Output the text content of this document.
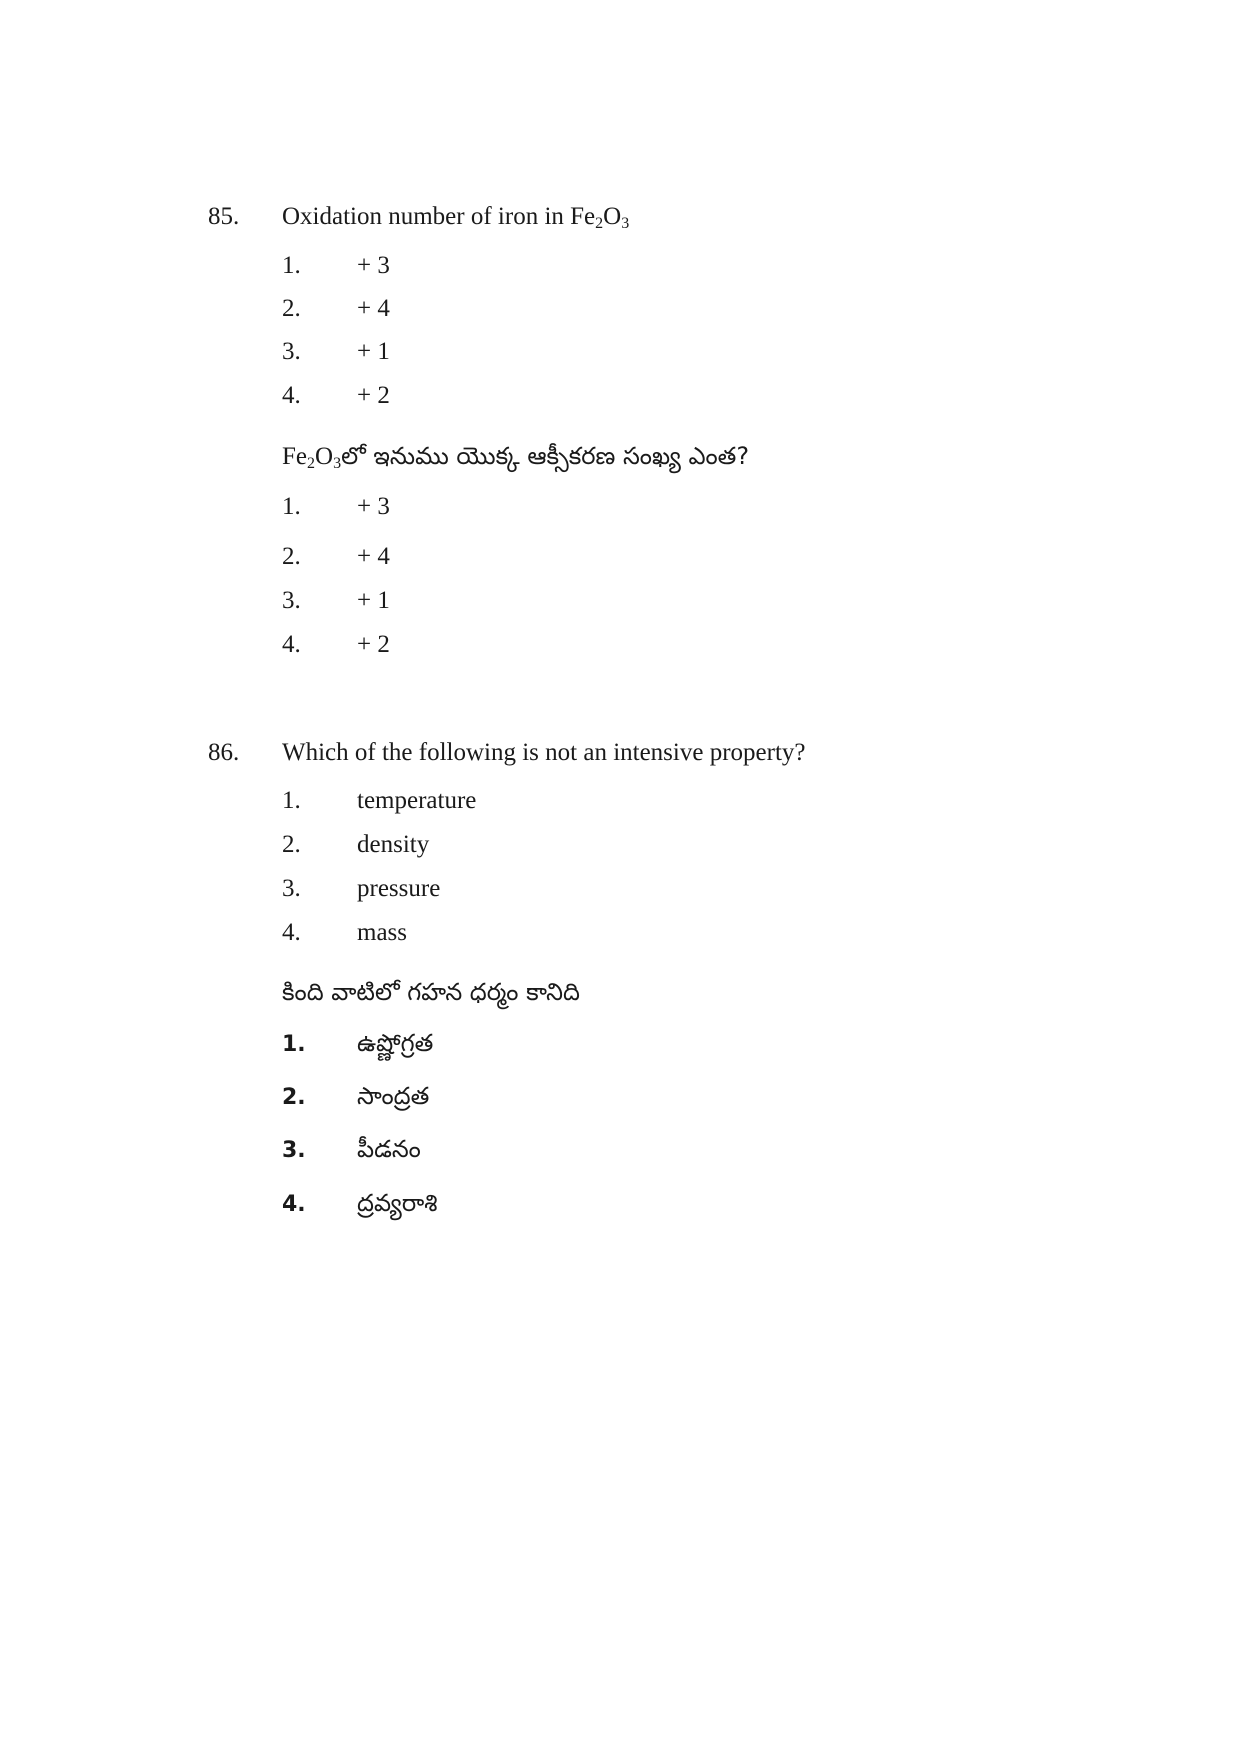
85. Oxidation number of iron in $Fe_2O_3$
1. + 3
2. + 4
3. + 1
4. + 2
$Fe_2O_3లో$ ఇనుము యొక్క ఆక్సీకరణ సంఖ్య ఎంత?
1. + 3
2. + 4
3. + 1
4. + 2
86. Which of the following is not an intensive property?
1. temperature
2. density
3. pressure
4. mass
కింది వాటిలో గహన ధర్మం కానిది
1. ఉష్ణోగ్రత
2. సాంద్రత
3. పీడనం
4. ద్రవ్యరాశి
